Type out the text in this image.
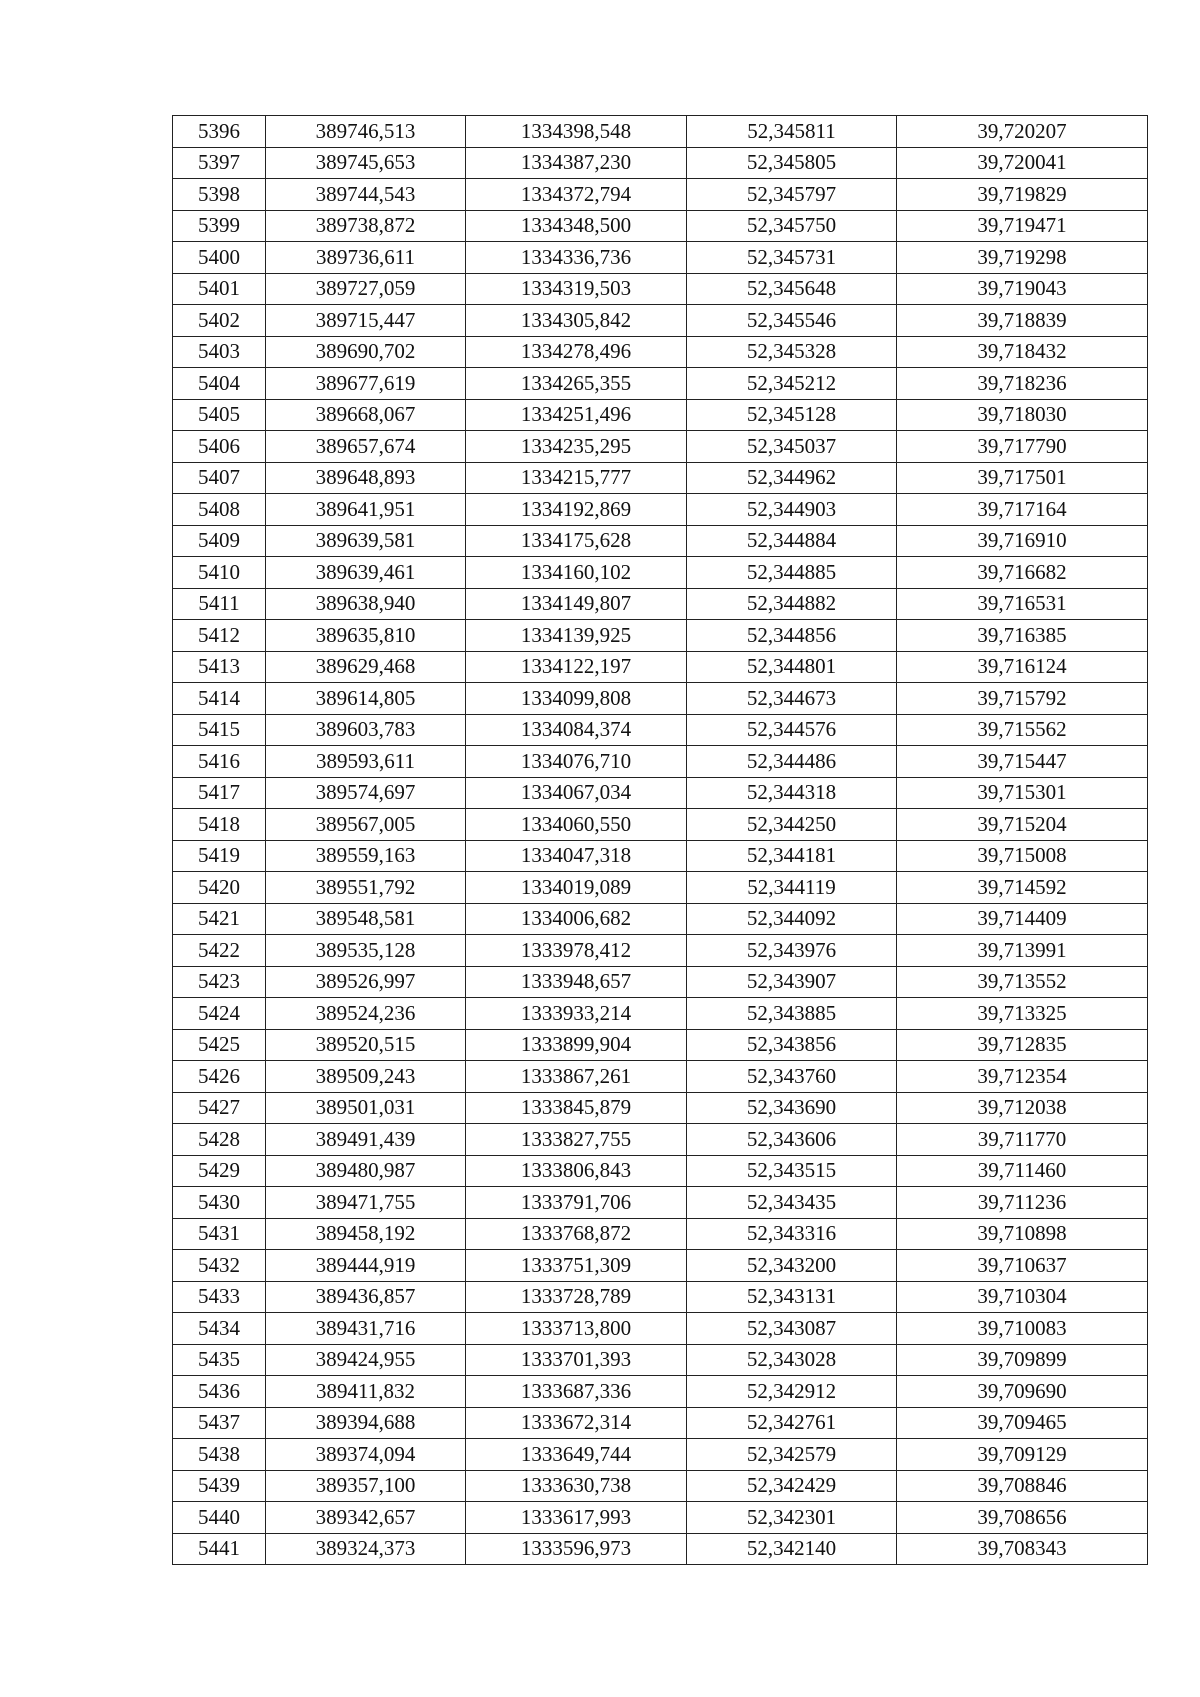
5396	389746,513	1334398,548	52,345811	39,720207
5397	389745,653	1334387,230	52,345805	39,720041
5398	389744,543	1334372,794	52,345797	39,719829
5399	389738,872	1334348,500	52,345750	39,719471
5400	389736,611	1334336,736	52,345731	39,719298
5401	389727,059	1334319,503	52,345648	39,719043
5402	389715,447	1334305,842	52,345546	39,718839
5403	389690,702	1334278,496	52,345328	39,718432
5404	389677,619	1334265,355	52,345212	39,718236
5405	389668,067	1334251,496	52,345128	39,718030
5406	389657,674	1334235,295	52,345037	39,717790
5407	389648,893	1334215,777	52,344962	39,717501
5408	389641,951	1334192,869	52,344903	39,717164
5409	389639,581	1334175,628	52,344884	39,716910
5410	389639,461	1334160,102	52,344885	39,716682
5411	389638,940	1334149,807	52,344882	39,716531
5412	389635,810	1334139,925	52,344856	39,716385
5413	389629,468	1334122,197	52,344801	39,716124
5414	389614,805	1334099,808	52,344673	39,715792
5415	389603,783	1334084,374	52,344576	39,715562
5416	389593,611	1334076,710	52,344486	39,715447
5417	389574,697	1334067,034	52,344318	39,715301
5418	389567,005	1334060,550	52,344250	39,715204
5419	389559,163	1334047,318	52,344181	39,715008
5420	389551,792	1334019,089	52,344119	39,714592
5421	389548,581	1334006,682	52,344092	39,714409
5422	389535,128	1333978,412	52,343976	39,713991
5423	389526,997	1333948,657	52,343907	39,713552
5424	389524,236	1333933,214	52,343885	39,713325
5425	389520,515	1333899,904	52,343856	39,712835
5426	389509,243	1333867,261	52,343760	39,712354
5427	389501,031	1333845,879	52,343690	39,712038
5428	389491,439	1333827,755	52,343606	39,711770
5429	389480,987	1333806,843	52,343515	39,711460
5430	389471,755	1333791,706	52,343435	39,711236
5431	389458,192	1333768,872	52,343316	39,710898
5432	389444,919	1333751,309	52,343200	39,710637
5433	389436,857	1333728,789	52,343131	39,710304
5434	389431,716	1333713,800	52,343087	39,710083
5435	389424,955	1333701,393	52,343028	39,709899
5436	389411,832	1333687,336	52,342912	39,709690
5437	389394,688	1333672,314	52,342761	39,709465
5438	389374,094	1333649,744	52,342579	39,709129
5439	389357,100	1333630,738	52,342429	39,708846
5440	389342,657	1333617,993	52,342301	39,708656
5441	389324,373	1333596,973	52,342140	39,708343
